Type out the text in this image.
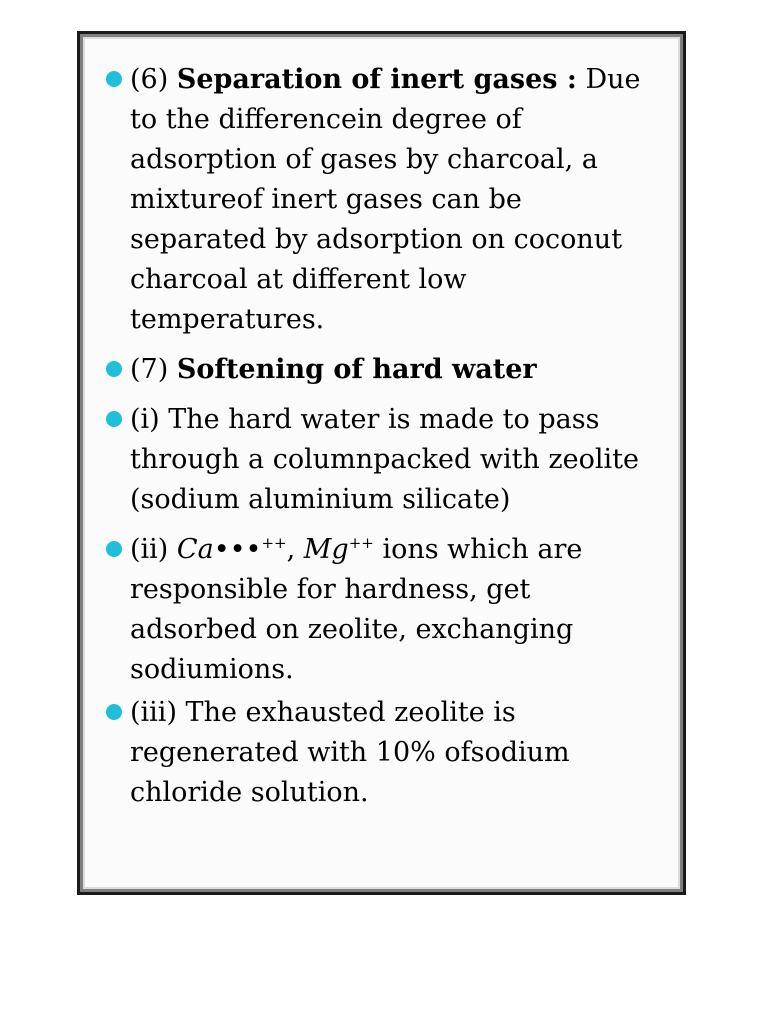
(6) Separation of inert gases : Due to the differencein degree of adsorption of gases by charcoal, a mixtureof inert gases can be separated by adsorption on coconut charcoal at different low temperatures.
(7) Softening of hard water
(i) The hard water is made to pass through a columnpacked with zeolite (sodium aluminium silicate)
(ii) Ca•••++, Mg++ ions which are responsible for hardness, get adsorbed on zeolite, exchanging sodiumions.
(iii) The exhausted zeolite is regenerated with 10% ofsodium chloride solution.
